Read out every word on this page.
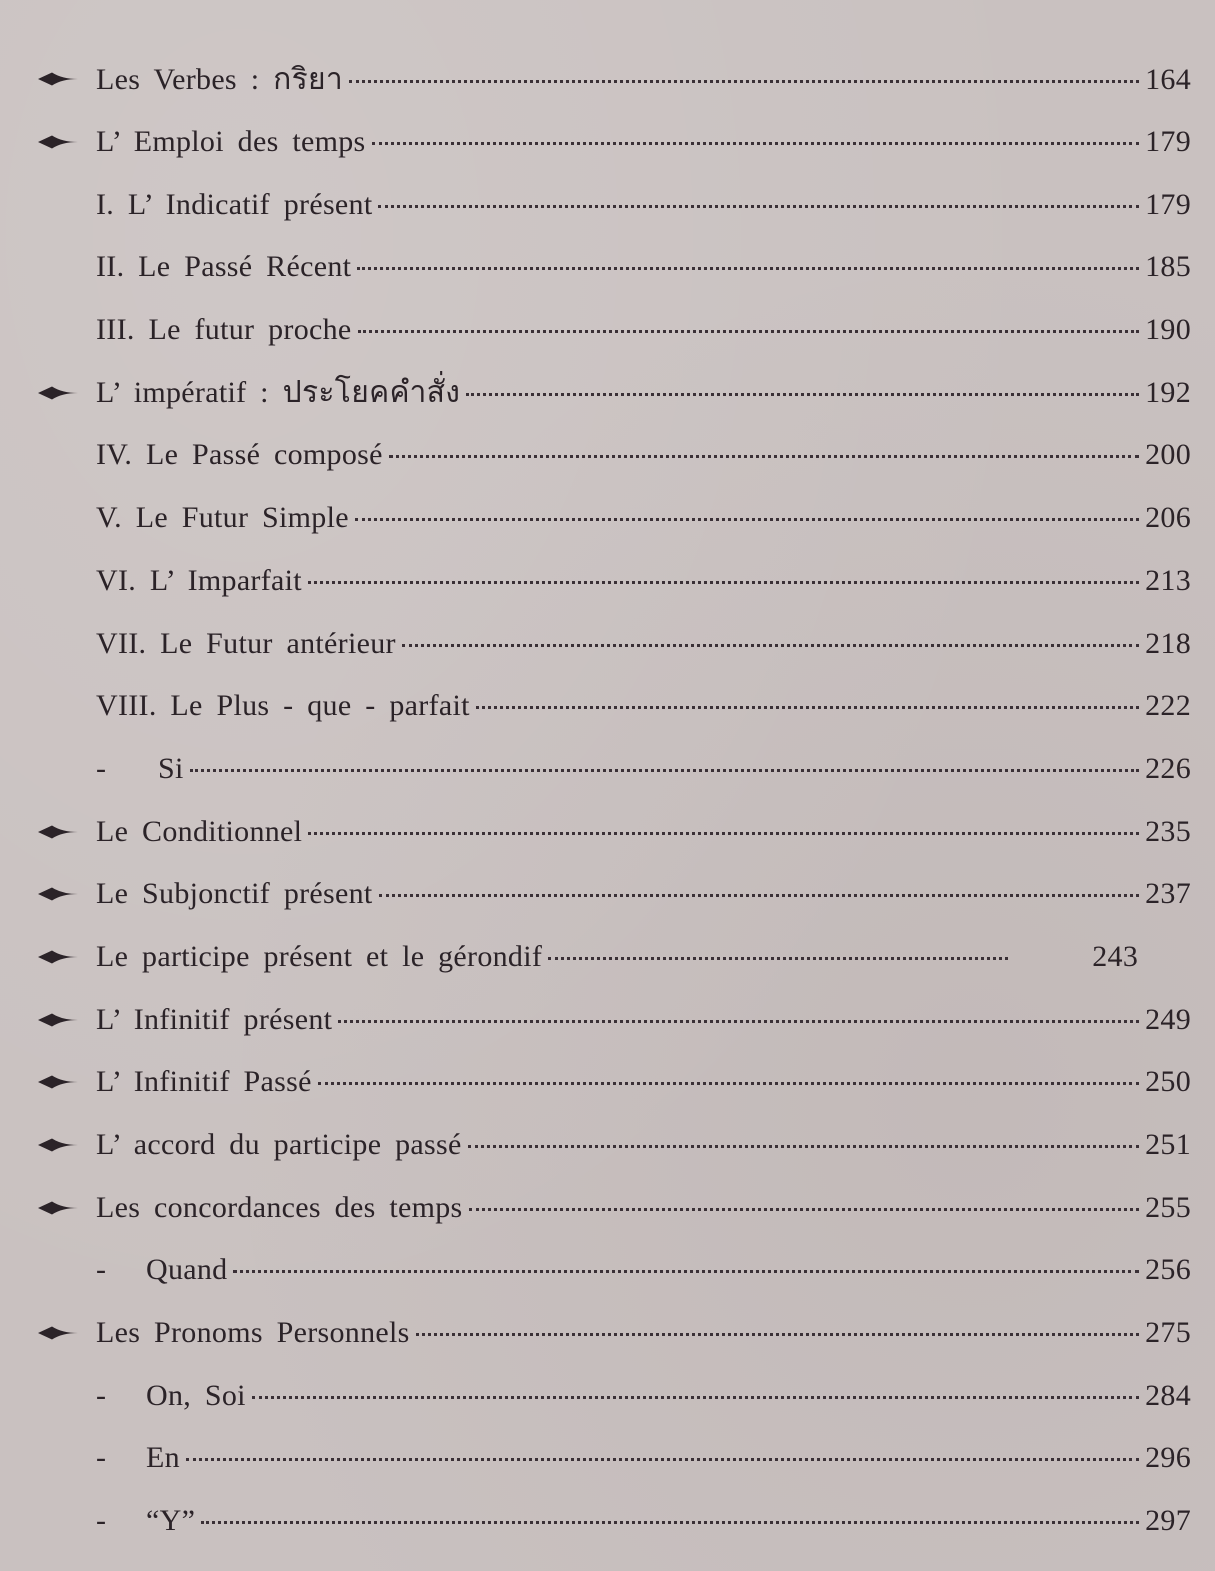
Les Verbes : กริยา	164
L’ Emploi des temps	179
I. L’ Indicatif présent	179
II. Le Passé Récent	185
III. Le futur proche	190
L’ impératif : ประโยคคำสั่ง	192
IV. Le Passé composé	200
V. Le Futur Simple	206
VI. L’ Imparfait	213
VII. Le Futur antérieur	218
VIII. Le Plus - que - parfait	222
-	Si	226
Le Conditionnel	235
Le Subjonctif présent	237
Le participe présent et le gérondif	243
L’ Infinitif présent	249
L’ Infinitif Passé	250
L’ accord du participe passé	251
Les concordances des temps	255
-	Quand	256
Les Pronoms Personnels	275
-	On, Soi	284
-	En	296
-	“Y”	297
